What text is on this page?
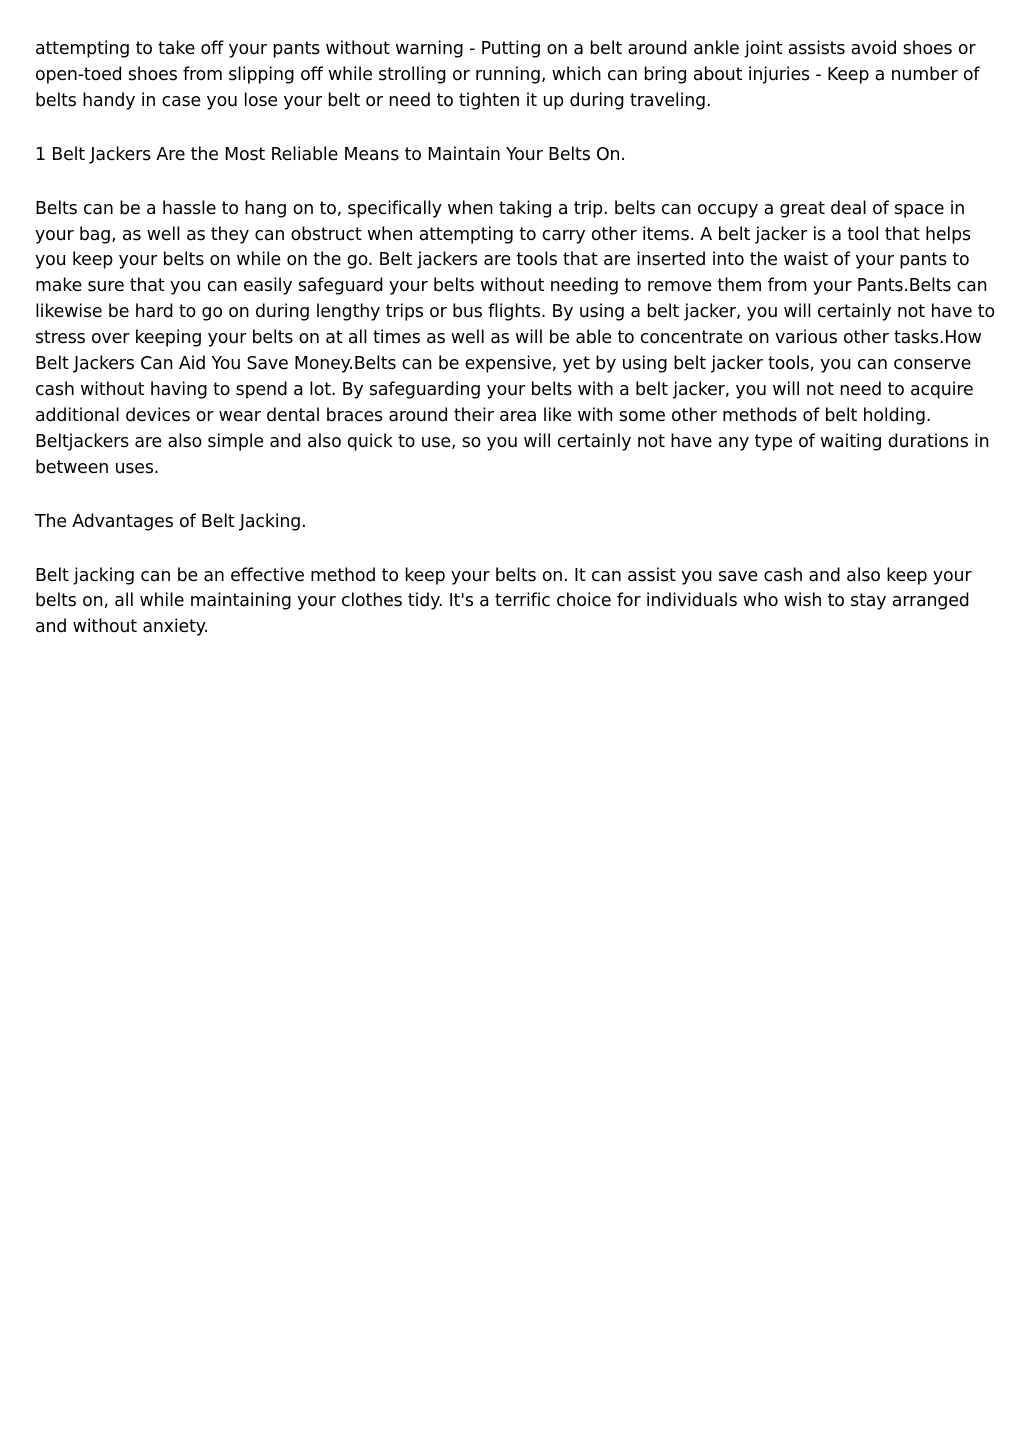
attempting to take off your pants without warning - Putting on a belt around ankle joint assists avoid shoes or open-toed shoes from slipping off while strolling or running, which can bring about injuries - Keep a number of belts handy in case you lose your belt or need to tighten it up during traveling.

1 Belt Jackers Are the Most Reliable Means to Maintain Your Belts On.

Belts can be a hassle to hang on to, specifically when taking a trip. belts can occupy a great deal of space in your bag, as well as they can obstruct when attempting to carry other items. A belt jacker is a tool that helps you keep your belts on while on the go. Belt jackers are tools that are inserted into the waist of your pants to make sure that you can easily safeguard your belts without needing to remove them from your Pants.Belts can likewise be hard to go on during lengthy trips or bus flights. By using a belt jacker, you will certainly not have to stress over keeping your belts on at all times as well as will be able to concentrate on various other tasks.How Belt Jackers Can Aid You Save Money.Belts can be expensive, yet by using belt jacker tools, you can conserve cash without having to spend a lot. By safeguarding your belts with a belt jacker, you will not need to acquire additional devices or wear dental braces around their area like with some other methods of belt holding. Beltjackers are also simple and also quick to use, so you will certainly not have any type of waiting durations in between uses.

The Advantages of Belt Jacking.

Belt jacking can be an effective method to keep your belts on. It can assist you save cash and also keep your belts on, all while maintaining your clothes tidy. It's a terrific choice for individuals who wish to stay arranged and without anxiety.
